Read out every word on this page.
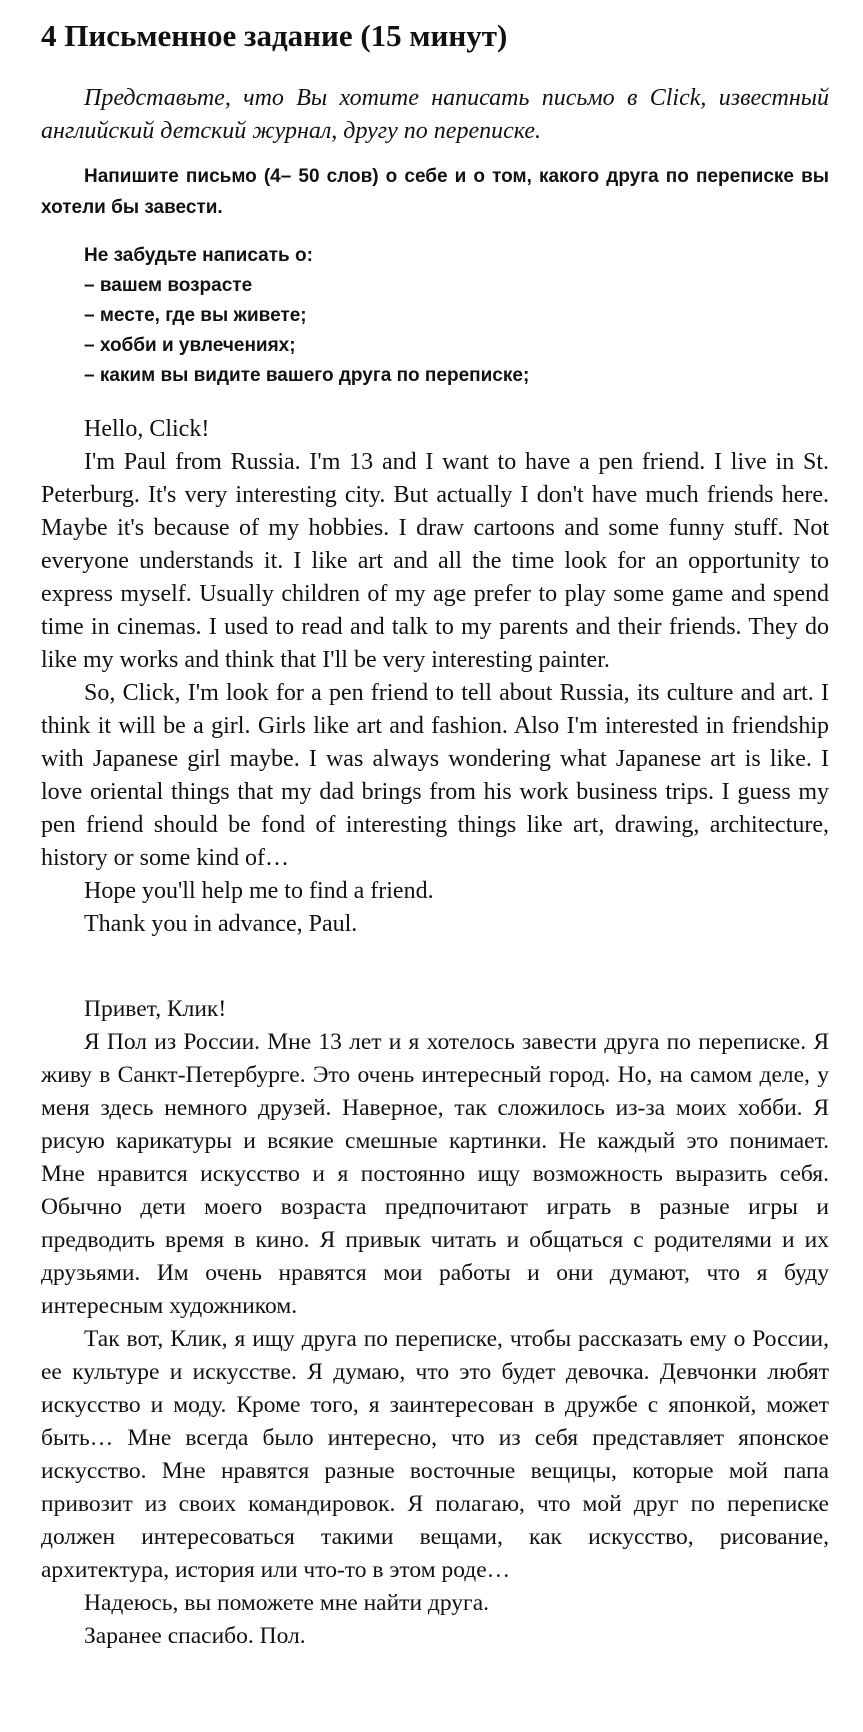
4 Письменное задание (15 минут)

Представьте, что Вы хотите написать письмо в Click, известный английский детский журнал, другу по переписке.

Напишите письмо (4– 50 слов) о себе и о том, какого друга по переписке вы хотели бы завести.

Не забудьте написать о:
– вашем возрасте
– месте, где вы живете;
– хобби и увлечениях;
– каким вы видите вашего друга по переписке;

Hello, Click!

I'm Paul from Russia. I'm 13 and I want to have a pen friend. I live in St. Peterburg. It's very interesting city. But actually I don't have much friends here. Maybe it's because of my hobbies. I draw cartoons and some funny stuff. Not everyone understands it. I like art and all the time look for an opportunity to express myself. Usually children of my age prefer to play some game and spend time in cinemas. I used to read and talk to my parents and their friends. They do like my works and think that I'll be very interesting painter.

So, Click, I'm look for a pen friend to tell about Russia, its culture and art. I think it will be a girl. Girls like art and fashion. Also I'm interested in friendship with Japanese girl maybe. I was always wondering what Japanese art is like. I love oriental things that my dad brings from his work business trips. I guess my pen friend should be fond of interesting things like art, drawing, architecture, history or some kind of…

Hope you'll help me to find a friend.

Thank you in advance, Paul.

Привет, Клик!

Я Пол из России. Мне 13 лет и я хотелось завести друга по переписке. Я живу в Санкт-Петербурге. Это очень интересный город. Но, на самом деле, у меня здесь немного друзей. Наверное, так сложилось из-за моих хобби. Я рисую карикатуры и всякие смешные картинки. Не каждый это понимает. Мне нравится искусство и я постоянно ищу возможность выразить себя. Обычно дети моего возраста предпочитают играть в разные игры и предводить время в кино. Я привык читать и общаться с родителями и их друзьями. Им очень нравятся мои работы и они думают, что я буду интересным художником.

Так вот, Клик, я ищу друга по переписке, чтобы рассказать ему о России, ее культуре и искусстве. Я думаю, что это будет девочка. Девчонки любят искусство и моду. Кроме того, я заинтересован в дружбе с японкой, может быть… Мне всегда было интересно, что из себя представляет японское искусство. Мне нравятся разные восточные вещицы, которые мой папа привозит из своих командировок. Я полагаю, что мой друг по переписке должен интересоваться такими вещами, как искусство, рисование, архитектура, история или что-то в этом роде…

Надеюсь, вы поможете мне найти друга.

Заранее спасибо. Пол.
